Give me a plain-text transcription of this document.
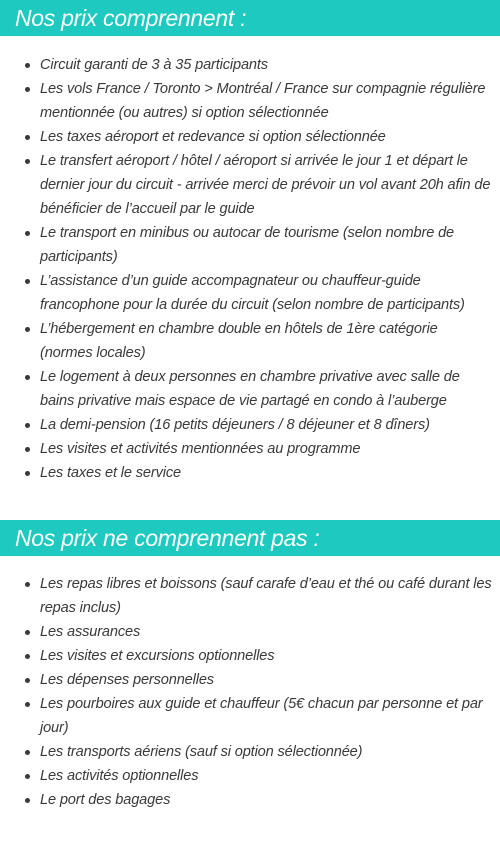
Nos prix comprennent :
Circuit garanti de 3 à 35 participants
Les vols France / Toronto > Montréal / France sur compagnie régulière mentionnée (ou autres) si option sélectionnée
Les taxes aéroport et redevance si option sélectionnée
Le transfert aéroport / hôtel / aéroport si arrivée le jour 1 et départ le dernier jour du circuit - arrivée merci de prévoir un vol avant 20h afin de bénéficier de l’accueil par le guide
Le transport en minibus ou autocar de tourisme (selon nombre de participants)
L’assistance d’un guide accompagnateur ou chauffeur-guide francophone pour la durée du circuit (selon nombre de participants)
L’hébergement en chambre double en hôtels de 1ère catégorie (normes locales)
Le logement à deux personnes en chambre privative avec salle de bains privative mais espace de vie partagé en condo à l’auberge
La demi-pension (16 petits déjeuners / 8 déjeuner et 8 dîners)
Les visites et activités mentionnées au programme
Les taxes et le service
Nos prix ne comprennent pas :
Les repas libres et boissons (sauf carafe d’eau et thé ou café durant les repas inclus)
Les assurances
Les visites et excursions optionnelles
Les dépenses personnelles
Les pourboires aux guide et chauffeur (5€ chacun par personne et par jour)
Les transports aériens (sauf si option sélectionnée)
Les activités optionnelles
Le port des bagages
